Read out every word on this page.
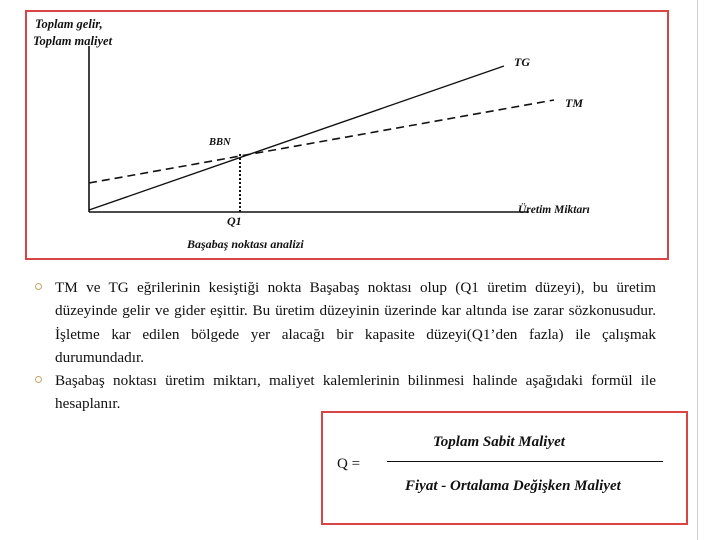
Toplam gelir,
Toplam maliyet
TG
TM
BBN
Q1
Üretim Miktarı
Başabaş noktası analizi
TM ve TG eğrilerinin kesiştiği nokta Başabaş noktası olup (Q1 üretim düzeyi), bu üretim düzeyinde gelir ve gider eşittir. Bu üretim düzeyinin üzerinde kar altında ise zarar sözkonusudur. İşletme kar edilen bölgede yer alacağı bir kapasite düzeyi(Q1’den fazla) ile çalışmak durumundadır.
Başabaş noktası üretim miktarı, maliyet kalemlerinin bilinmesi halinde aşağıdaki formül ile hesaplanır.
Q =
Toplam Sabit Maliyet
Fiyat - Ortalama Değişken Maliyet
